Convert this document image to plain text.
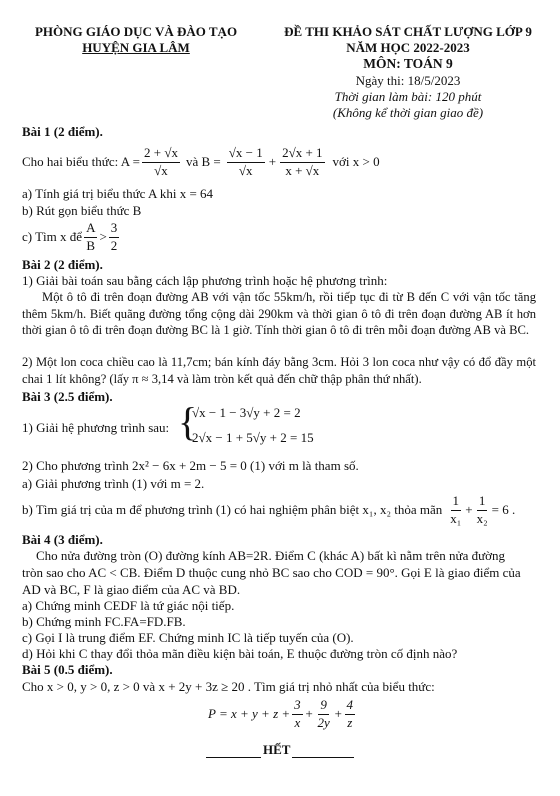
PHÒNG GIÁO DỤC VÀ ĐÀO TẠO
HUYỆN GIA LÂM
ĐỀ THI KHẢO SÁT CHẤT LƯỢNG LỚP 9
NĂM HỌC 2022-2023
MÔN: TOÁN 9
Ngày thi: 18/5/2023
Thời gian làm bài: 120 phút
(Không kể thời gian giao đề)
Bài 1 (2 điểm).
Cho hai biểu thức: $A = \frac{2 + √x}{√x}$ và $B = \frac{√x - 1}{√x} + \frac{2√x + 1}{x + √x}$ với x > 0
a) Tính giá trị biểu thức A khi x = 64
b) Rút gọn biểu thức B
c) Tìm x để $\frac{A}{B} > \frac{3}{2}$
Bài 2 (2 điểm).
1) Giải bài toán sau bằng cách lập phương trình hoặc hệ phương trình:
Một ô tô đi trên đoạn đường AB với vận tốc 55km/h, rồi tiếp tục đi từ B đến C với vận tốc tăng thêm 5km/h. Biết quãng đường tổng cộng dài 290km và thời gian ô tô đi trên đoạn đường AB ít hơn thời gian ô tô đi trên đoạn đường BC là 1 giờ. Tính thời gian ô tô đi trên mỗi đoạn đường AB và BC.
2) Một lon coca chiều cao là 11,7cm; bán kính đáy bằng 3cm. Hỏi 3 lon coca như vậy có đổ đầy một chai 1 lít không? (lấy π ≈ 3,14 và làm tròn kết quả đến chữ thập phân thứ nhất).
Bài 3 (2.5 điểm).
1) Giải hệ phương trình sau: {
√x − 1 − 3√y + 2 = 2
2√x − 1 + 5√y + 2 = 15
2) Cho phương trình 2x² − 6x + 2m − 5 = 0 (1) với m là tham số.
a) Giải phương trình (1) với m = 2.
b) Tìm giá trị của m để phương trình (1) có hai nghiệm phân biệt x₁, x₂ thỏa mãn $\frac{1}{\text{x₁}} + \frac{1}{\text{x₂}} = 6$ .
Bài 4 (3 điểm).
Cho nửa đường tròn (O) đường kính AB=2R. Điểm C (khác A) bất kì nằm trên nửa đường
tròn sao cho AC < CB. Điểm D thuộc cung nhỏ BC sao cho COD = 90°. Gọi E là giao điểm của
AD và BC, F là giao điểm của AC và BD.
a) Chứng minh CEDF là tứ giác nội tiếp.
b) Chứng minh FC.FA=FD.FB.
c) Gọi I là trung điểm EF. Chứng minh IC là tiếp tuyến của (O).
d) Hỏi khi C thay đổi thỏa mãn điều kiện bài toán, E thuộc đường tròn cố định nào?
Bài 5 (0.5 điểm).
Cho x > 0, y > 0, z > 0 và x + 2y + 3z ≥ 20 . Tìm giá trị nhỏ nhất của biểu thức:
$P = x + y + z + \frac{3}{x} + \frac{9}{2y} + \frac{4}{z}$
HẾT
